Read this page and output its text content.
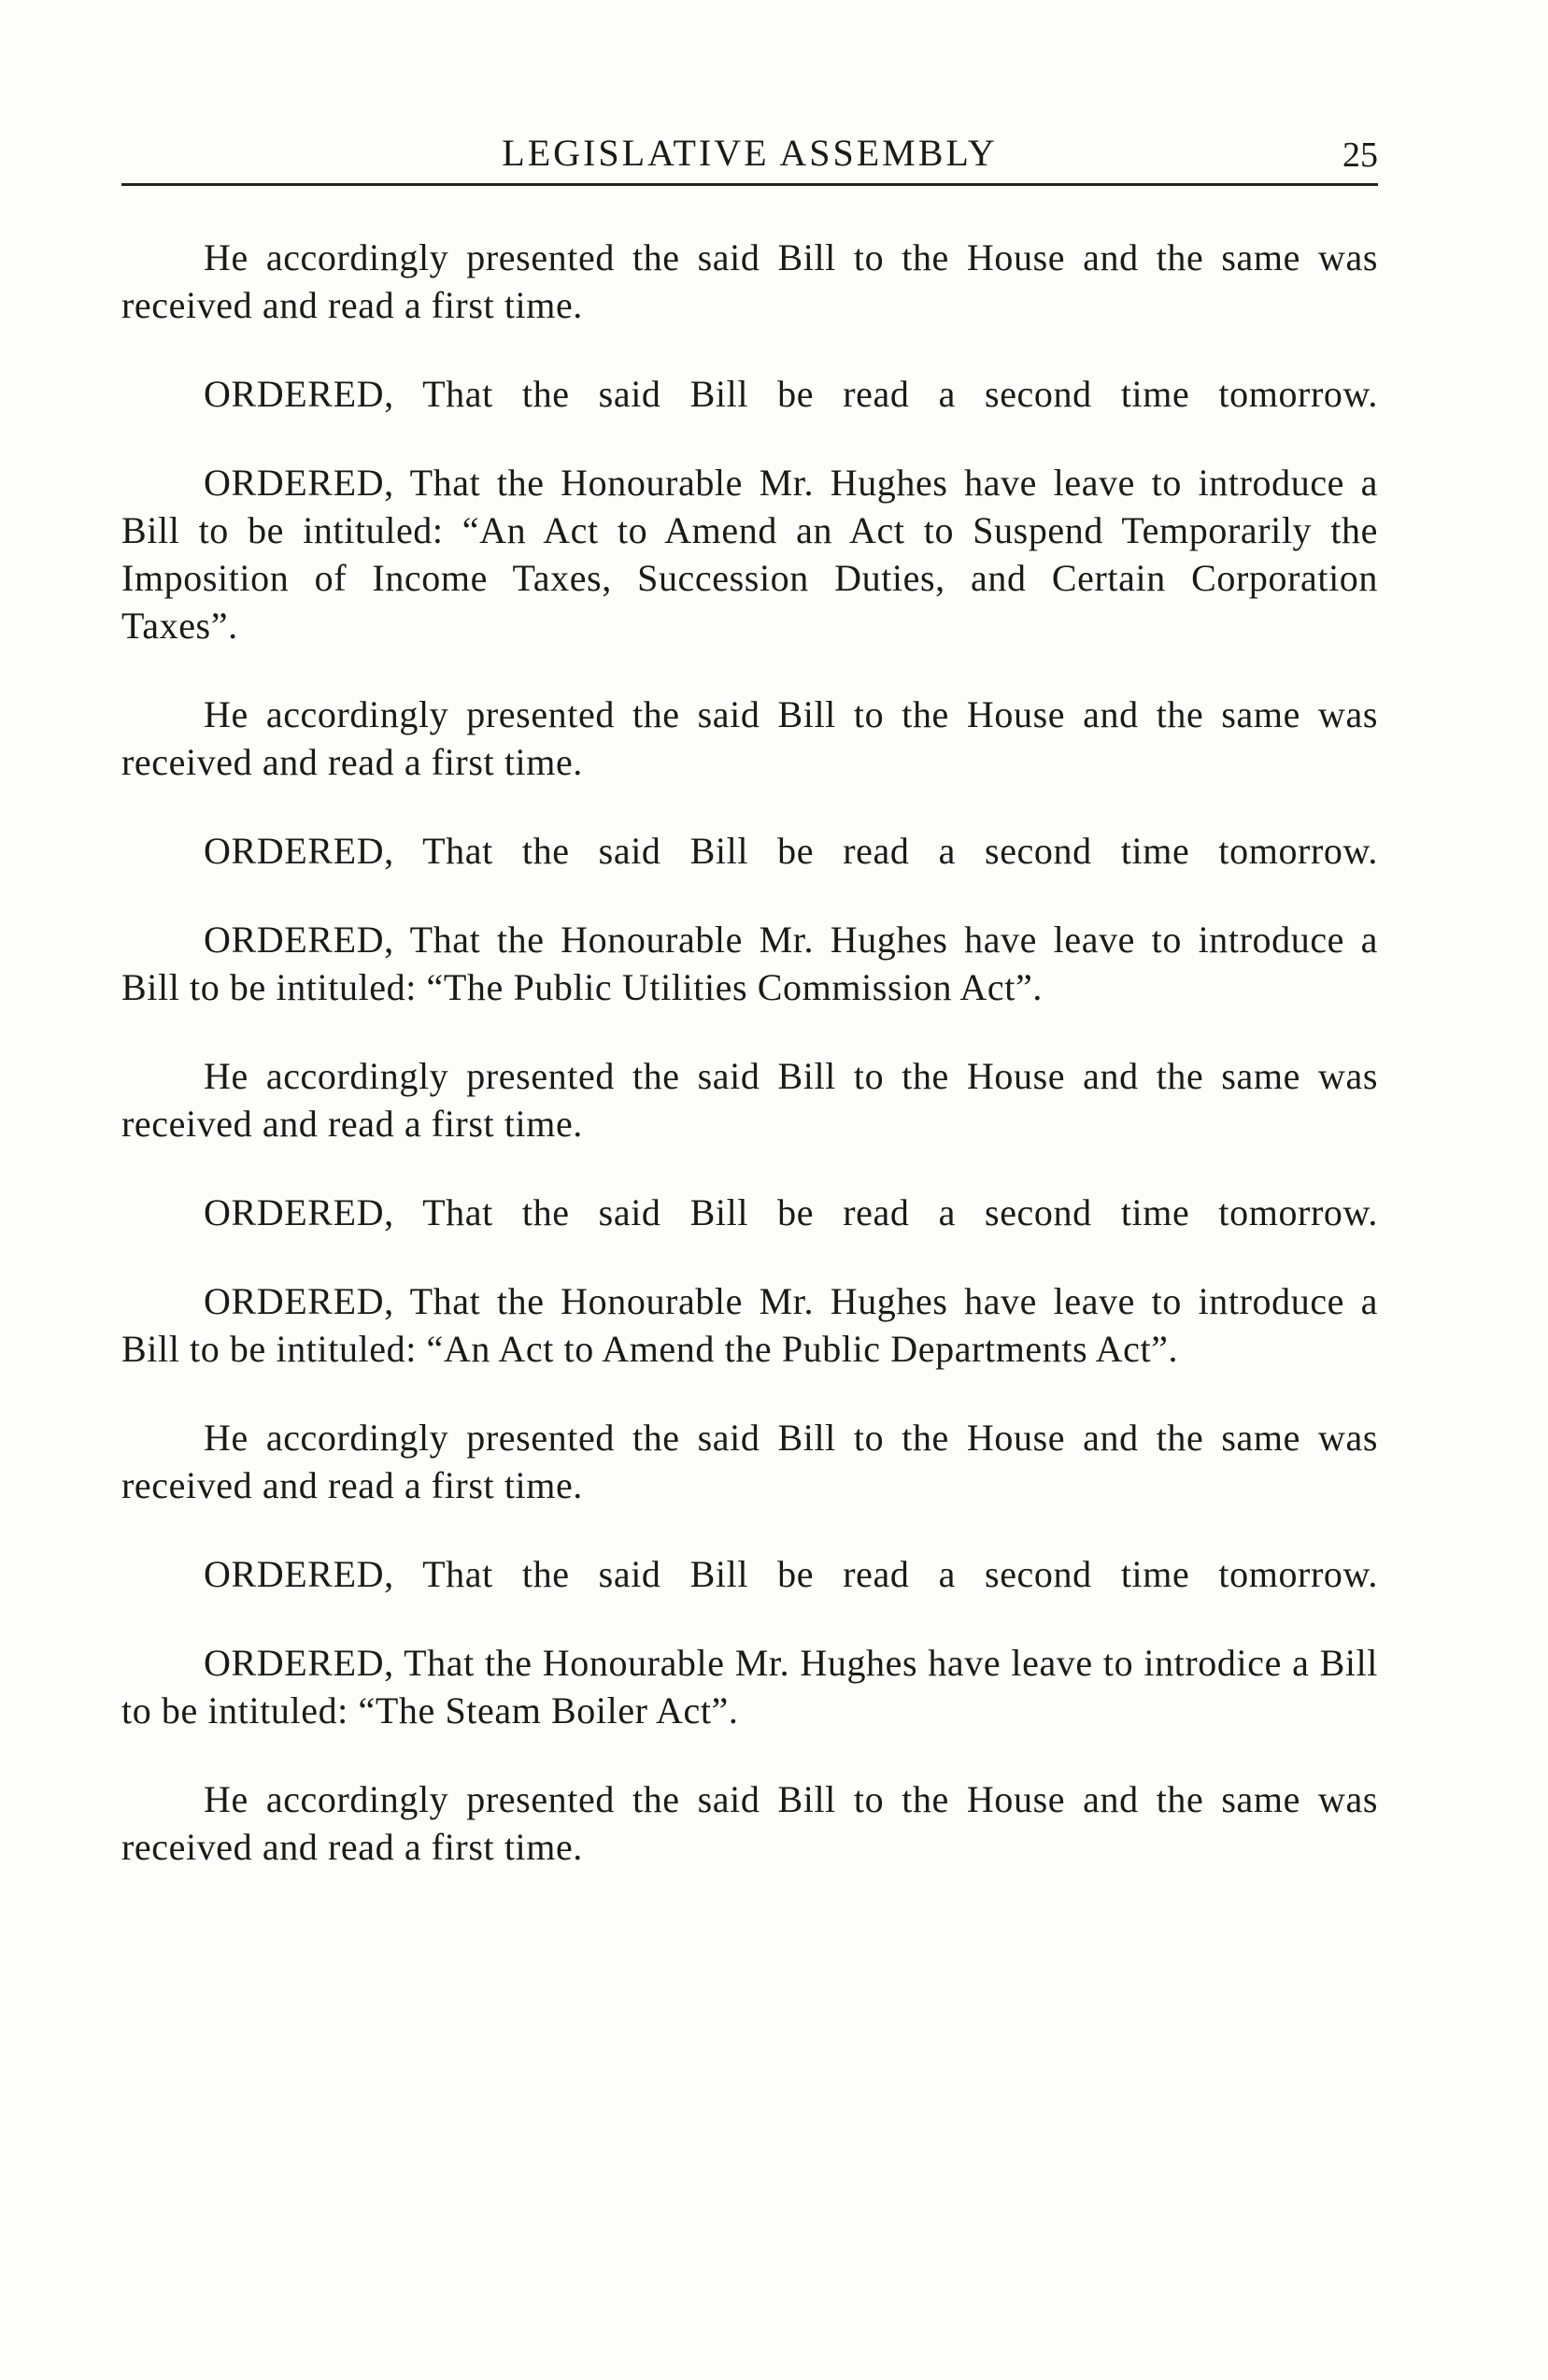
LEGISLATIVE ASSEMBLY	25

He accordingly presented the said Bill to the House and the same was received and read a first time.

ORDERED, That the said Bill be read a second time tomorrow.

ORDERED, That the Honourable Mr. Hughes have leave to introduce a Bill to be intituled: “An Act to Amend an Act to Suspend Temporarily the Imposition of Income Taxes, Succession Duties, and Certain Corporation Taxes”.

He accordingly presented the said Bill to the House and the same was received and read a first time.

ORDERED, That the said Bill be read a second time tomorrow.

ORDERED, That the Honourable Mr. Hughes have leave to introduce a Bill to be intituled: “The Public Utilities Commission Act”.

He accordingly presented the said Bill to the House and the same was received and read a first time.

ORDERED, That the said Bill be read a second time tomorrow.

ORDERED, That the Honourable Mr. Hughes have leave to introduce a Bill to be intituled: “An Act to Amend the Public Departments Act”.

He accordingly presented the said Bill to the House and the same was received and read a first time.

ORDERED, That the said Bill be read a second time tomorrow.

ORDERED, That the Honourable Mr. Hughes have leave to introdice a Bill to be intituled: “The Steam Boiler Act”.

He accordingly presented the said Bill to the House and the same was received and read a first time.
